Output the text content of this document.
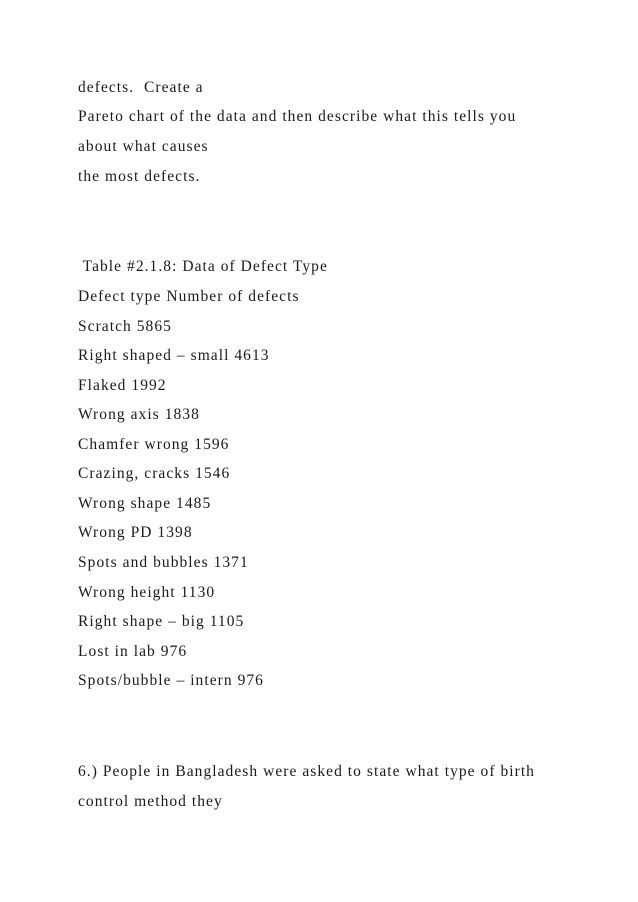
defects.  Create a
Pareto chart of the data and then describe what this tells you
about what causes
the most defects.
Table #2.1.8: Data of Defect Type
Defect type Number of defects
Scratch 5865
Right shaped – small 4613
Flaked 1992
Wrong axis 1838
Chamfer wrong 1596
Crazing, cracks 1546
Wrong shape 1485
Wrong PD 1398
Spots and bubbles 1371
Wrong height 1130
Right shape – big 1105
Lost in lab 976
Spots/bubble – intern 976
6.) People in Bangladesh were asked to state what type of birth
control method they
